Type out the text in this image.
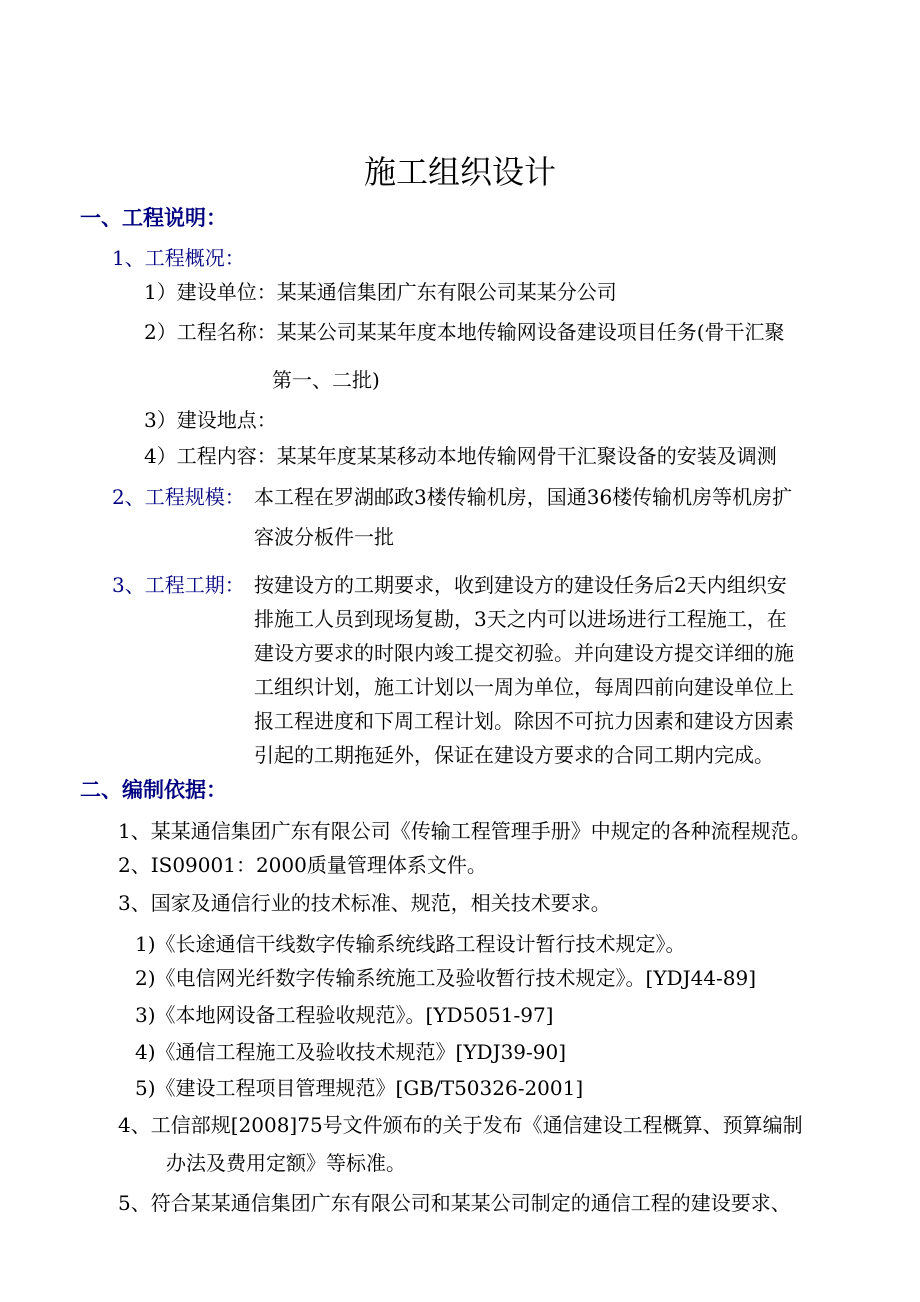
施工组织设计
一、工程说明：
1、工程概况：
1）建设单位：某某通信集团广东有限公司某某分公司
2）工程名称：某某公司某某年度本地传输网设备建设项目任务(骨干汇聚
第一、二批)
3）建设地点：
4）工程内容：某某年度某某移动本地传输网骨干汇聚设备的安装及调测
2、工程规模： 本工程在罗湖邮政3楼传输机房，国通36楼传输机房等机房扩
容波分板件一批
3、工程工期： 按建设方的工期要求，收到建设方的建设任务后2天内组织安
排施工人员到现场复勘，3天之内可以进场进行工程施工，在
建设方要求的时限内竣工提交初验。并向建设方提交详细的施
工组织计划，施工计划以一周为单位，每周四前向建设单位上
报工程进度和下周工程计划。除因不可抗力因素和建设方因素
引起的工期拖延外，保证在建设方要求的合同工期内完成。
二、编制依据：
1、某某通信集团广东有限公司《传输工程管理手册》中规定的各种流程规范。
2、IS09001：2000质量管理体系文件。
3、国家及通信行业的技术标准、规范，相关技术要求。
1)《长途通信干线数字传输系统线路工程设计暂行技术规定》。
2)《电信网光纤数字传输系统施工及验收暂行技术规定》。[YDJ44-89]
3)《本地网设备工程验收规范》。[YD5051-97]
4)《通信工程施工及验收技术规范》[YDJ39-90]
5)《建设工程项目管理规范》[GB/T50326-2001]
4、工信部规[2008]75号文件颁布的关于发布《通信建设工程概算、预算编制
办法及费用定额》等标准。
5、符合某某通信集团广东有限公司和某某公司制定的通信工程的建设要求、
